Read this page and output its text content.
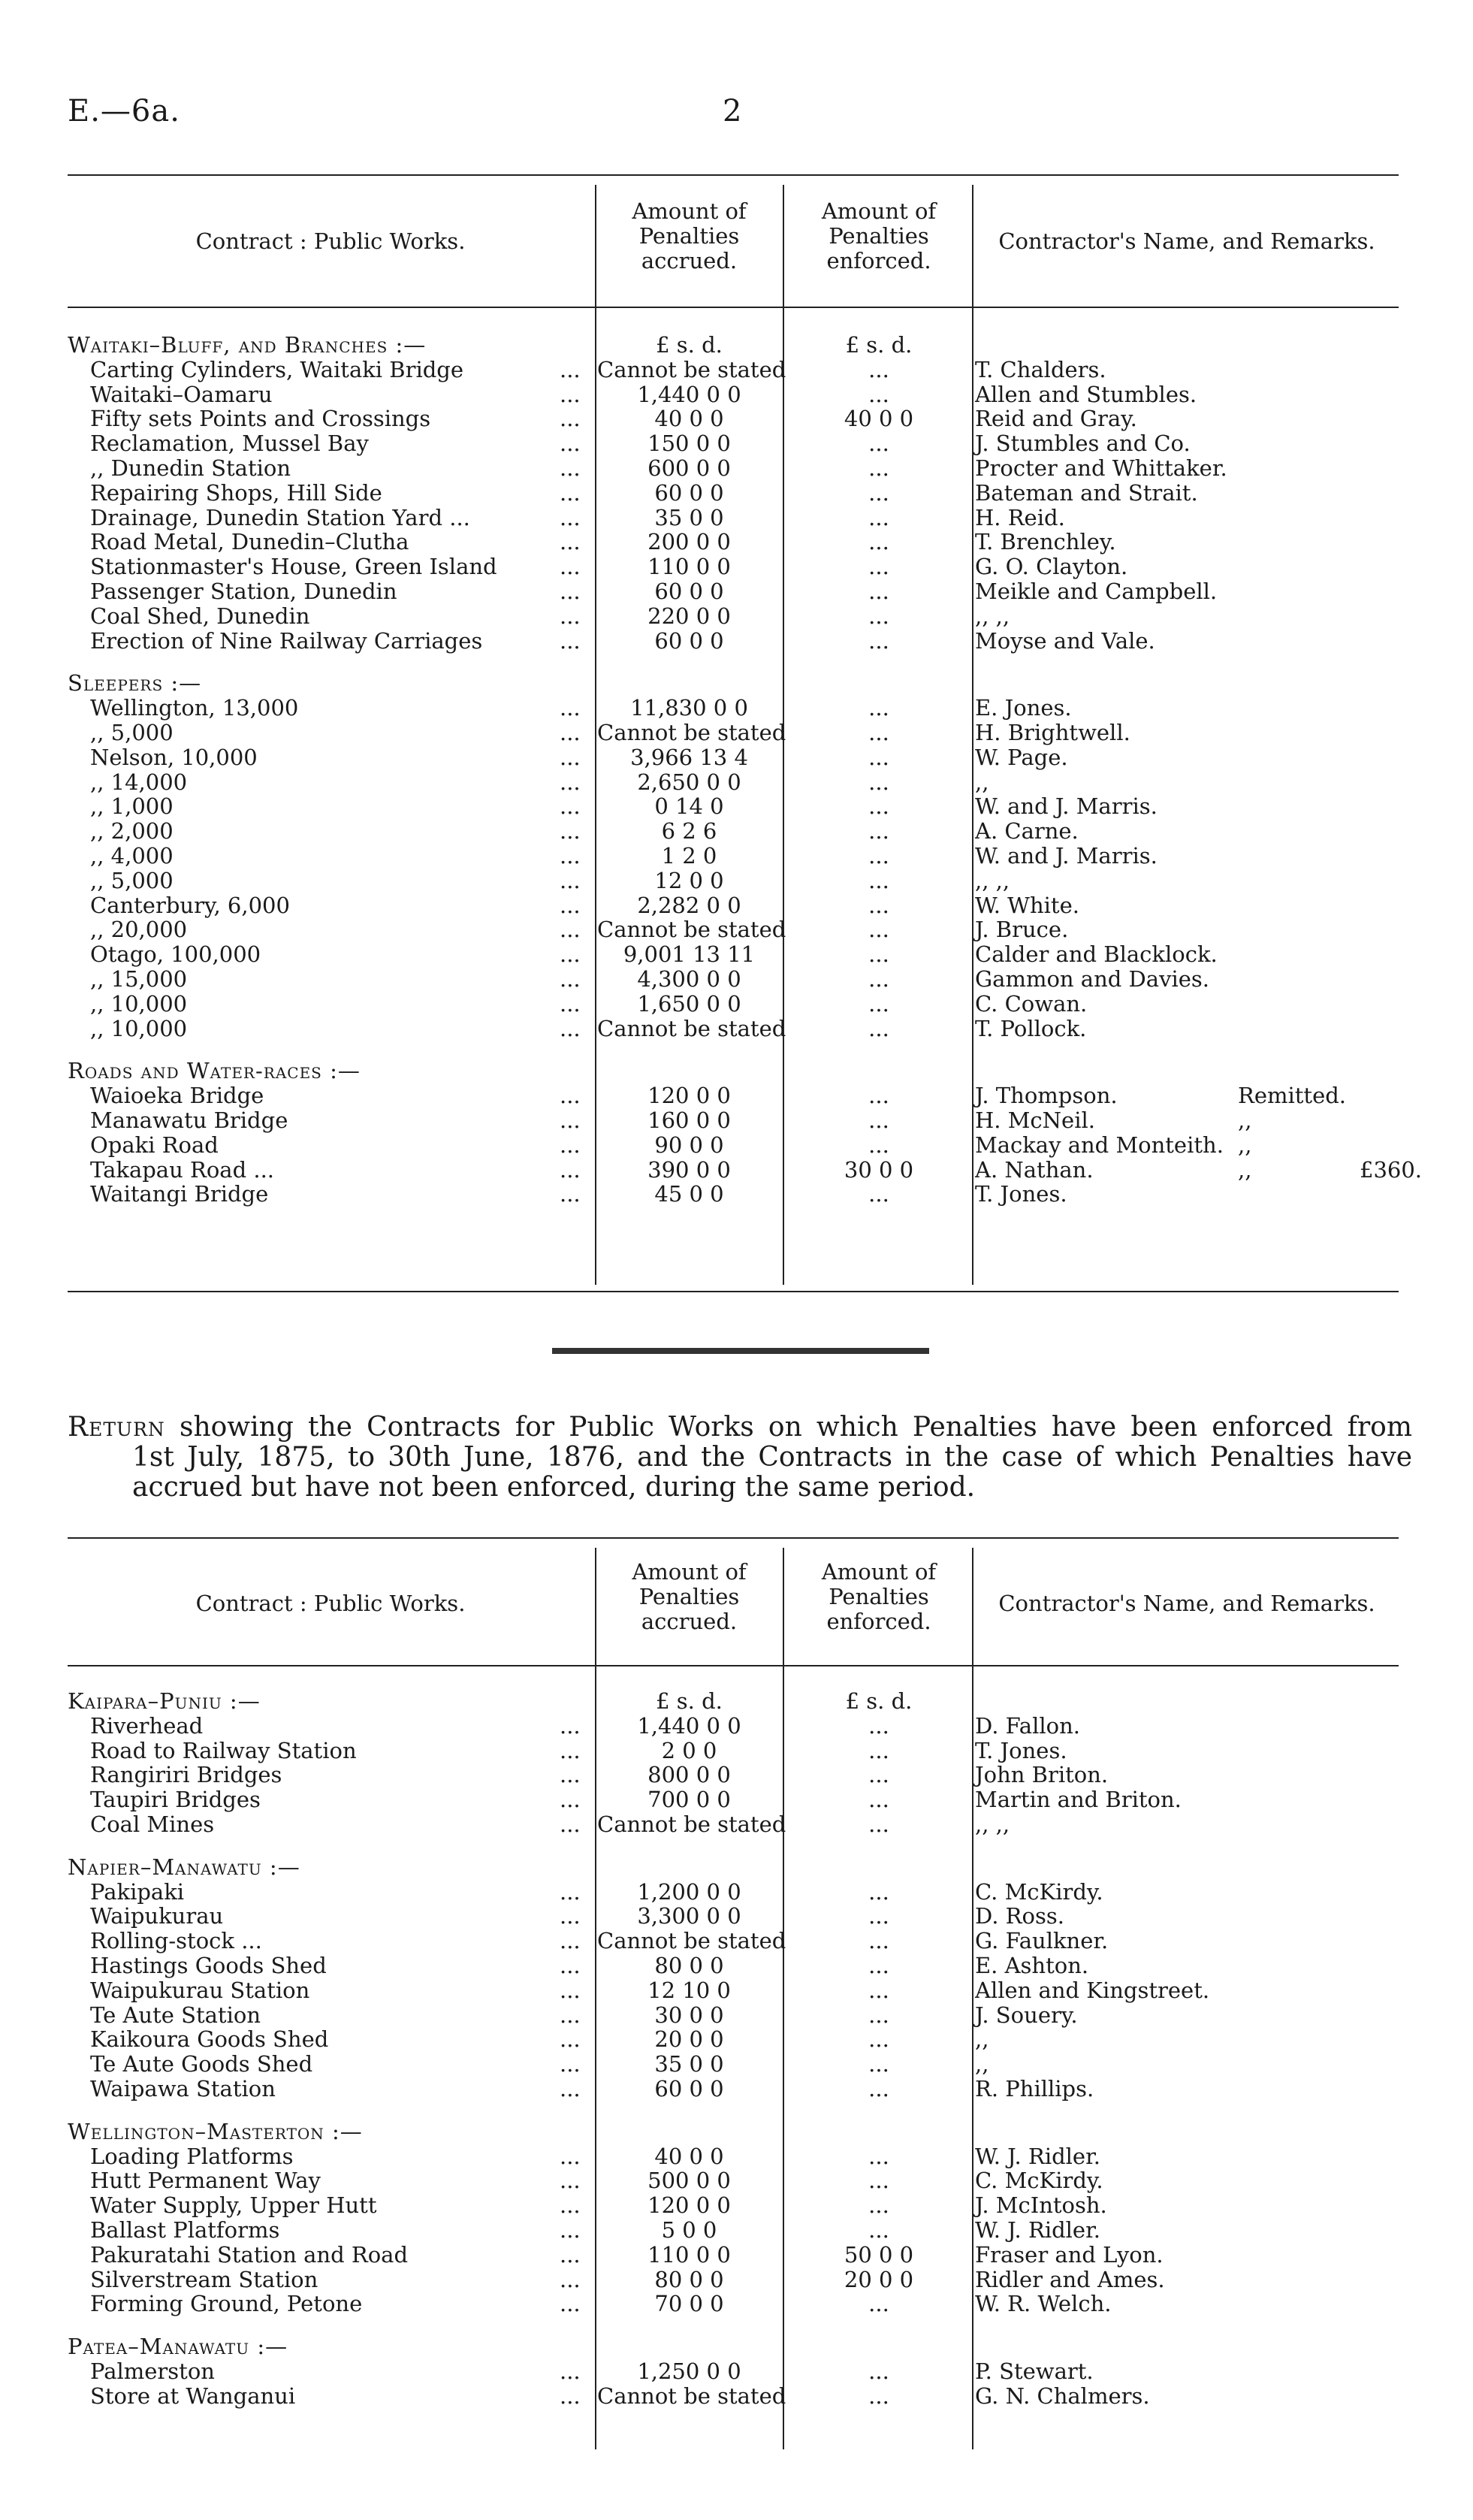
E.—6a.	2
Contract : Public Works.
Amount of
Penalties
accrued.
Amount of
Penalties
enforced.
Contractor's Name, and Remarks.
£ s. d.	£ s. d.
Waitaki–Bluff, and Branches :—
Carting Cylinders, Waitaki Bridge	... Cannot be stated	...	T. Chalders.
Waitaki–Oamaru	...	1,440 0 0	...	Allen and Stumbles.
Fifty sets Points and Crossings	...	40 0 0	40 0 0	Reid and Gray.
Reclamation, Mussel Bay	...	150 0 0	...	J. Stumbles and Co.
,, Dunedin Station	...	600 0 0	...	Procter and Whittaker.
Repairing Shops, Hill Side	...	60 0 0	...	Bateman and Strait.
Drainage, Dunedin Station Yard ...	...	35 0 0	...	H. Reid.
Road Metal, Dunedin–Clutha	...	200 0 0	...	T. Brenchley.
Stationmaster's House, Green Island	...	110 0 0	...	G. O. Clayton.
Passenger Station, Dunedin	...	60 0 0	...	Meikle and Campbell.
Coal Shed, Dunedin	...	220 0 0	...	,, ,,
Erection of Nine Railway Carriages	...	60 0 0	...	Moyse and Vale.
Sleepers :—
Wellington, 13,000	...	11,830 0 0	...	E. Jones.
,, 5,000	... Cannot be stated	...	H. Brightwell.
Nelson, 10,000	...	3,966 13 4	...	W. Page.
,, 14,000	...	2,650 0 0	...	,,
,, 1,000	...	0 14 0	...	W. and J. Marris.
,, 2,000	...	6 2 6	...	A. Carne.
,, 4,000	...	1 2 0	...	W. and J. Marris.
,, 5,000	...	12 0 0	...	,, ,,
Canterbury, 6,000	...	2,282 0 0	...	W. White.
,, 20,000	... Cannot be stated	...	J. Bruce.
Otago, 100,000	...	9,001 13 11	...	Calder and Blacklock.
,, 15,000	...	4,300 0 0	...	Gammon and Davies.
,, 10,000	...	1,650 0 0	...	C. Cowan.
,, 10,000	... Cannot be stated	...	T. Pollock.
Roads and Water-races :—
Waioeka Bridge	...	120 0 0	...	J. Thompson.	Remitted.
Manawatu Bridge	...	160 0 0	...	H. McNeil.	,,
Opaki Road	...	90 0 0	...	Mackay and Monteith. ,,
Takapau Road ...	...	390 0 0	30 0 0	A. Nathan.	,,	£360.
Waitangi Bridge	...	45 0 0	...	T. Jones.
Return showing the Contracts for Public Works on which Penalties have been enforced from
1st July, 1875, to 30th June, 1876, and the Contracts in the case of which Penalties have
accrued but have not been enforced, during the same period.
Contract : Public Works.
Amount of
Penalties
accrued.
Amount of
Penalties
enforced.
Contractor's Name, and Remarks.
£ s. d.	£ s. d.
Kaipara–Puniu :—
Riverhead	...	1,440 0 0	...	D. Fallon.
Road to Railway Station	...	2 0 0	...	T. Jones.
Rangiriri Bridges	...	800 0 0	...	John Briton.
Taupiri Bridges	...	700 0 0	...	Martin and Briton.
Coal Mines	... Cannot be stated	...	,, ,,
Napier–Manawatu :—
Pakipaki	...	1,200 0 0	...	C. McKirdy.
Waipukurau	...	3,300 0 0	...	D. Ross.
Rolling-stock ...	... Cannot be stated	...	G. Faulkner.
Hastings Goods Shed	...	80 0 0	...	E. Ashton.
Waipukurau Station	...	12 10 0	...	Allen and Kingstreet.
Te Aute Station	...	30 0 0	...	J. Souery.
Kaikoura Goods Shed	...	20 0 0	...	,,
Te Aute Goods Shed	...	35 0 0	...	,,
Waipawa Station	...	60 0 0	...	R. Phillips.
Wellington–Masterton :—
Loading Platforms	...	40 0 0	...	W. J. Ridler.
Hutt Permanent Way	...	500 0 0	...	C. McKirdy.
Water Supply, Upper Hutt	...	120 0 0	...	J. McIntosh.
Ballast Platforms	...	5 0 0	...	W. J. Ridler.
Pakuratahi Station and Road	...	110 0 0	50 0 0	Fraser and Lyon.
Silverstream Station	...	80 0 0	20 0 0	Ridler and Ames.
Forming Ground, Petone	...	70 0 0	...	W. R. Welch.
Patea–Manawatu :—
Palmerston	...	1,250 0 0	...	P. Stewart.
Store at Wanganui	... Cannot be stated	...	G. N. Chalmers.
